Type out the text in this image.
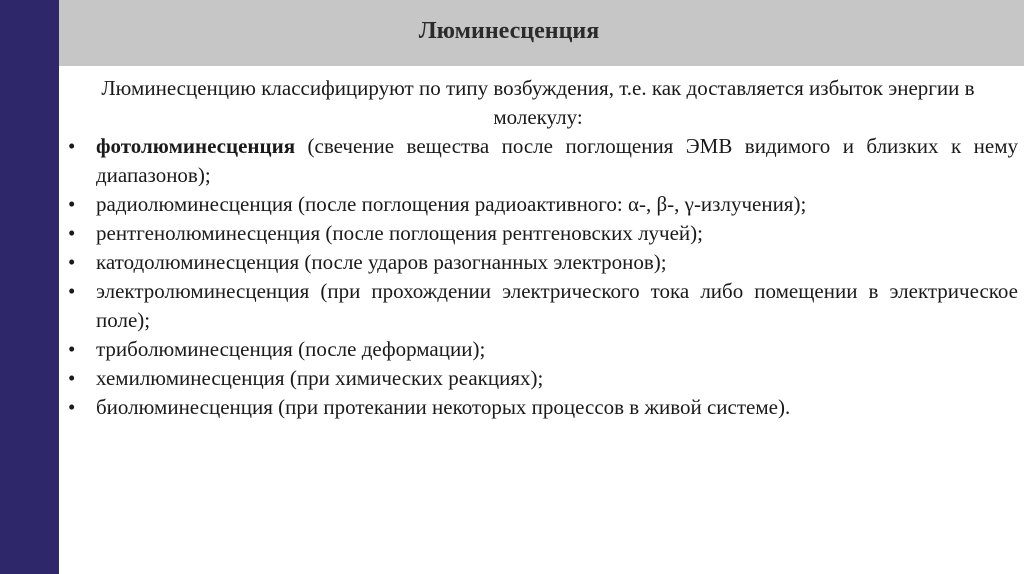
Люминесценция

Люминесценцию классифицируют по типу возбуждения, т.е. как доставляется избыток энергии в молекулу:

• фотолюминесценция (свечение вещества после поглощения ЭМВ видимого и близких к нему диапазонов);
• радиолюминесценция (после поглощения радиоактивного: α-, β-, γ-излучения);
• рентгенолюминесценция (после поглощения рентгеновских лучей);
• катодолюминесценция (после ударов разогнанных электронов);
• электролюминесценция (при прохождении электрического тока либо помещении в электрическое поле);
• триболюминесценция (после деформации);
• хемилюминесценция (при химических реакциях);
• биолюминесценция (при протекании некоторых процессов в живой системе).
